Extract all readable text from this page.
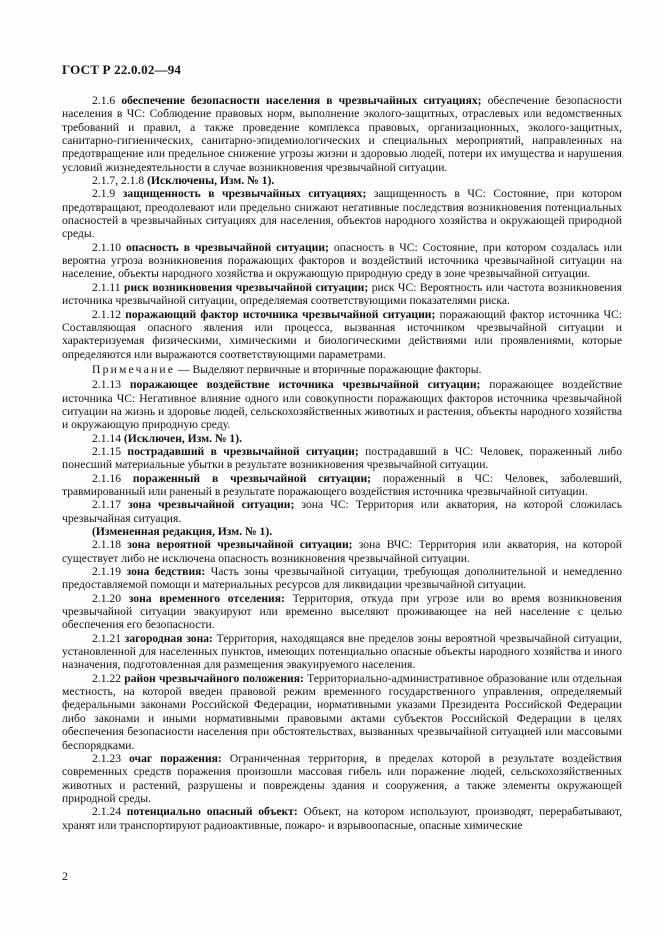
ГОСТ Р 22.0.02—94

2.1.6 обеспечение безопасности населения в чрезвычайных ситуациях; обеспечение безопасности населения в ЧС: Соблюдение правовых норм, выполнение эколого-защитных, отраслевых или ведомственных требований и правил, а также проведение комплекса правовых, организационных, эколого-защитных, санитарно-гигиенических, санитарно-эпидемиологических и специальных мероприятий, направленных на предотвращение или предельное снижение угрозы жизни и здоровью людей, потери их имущества и нарушения условий жизнедеятельности в случае возникновения чрезвычайной ситуации.

2.1.7, 2.1.8 (Исключены, Изм. № 1).

2.1.9 защищенность в чрезвычайных ситуациях; защищенность в ЧС: Состояние, при котором предотвращают, преодолевают или предельно снижают негативные последствия возникновения потенциальных опасностей в чрезвычайных ситуациях для населения, объектов народного хозяйства и окружающей природной среды.

2.1.10 опасность в чрезвычайной ситуации; опасность в ЧС: Состояние, при котором создалась или вероятна угроза возникновения поражающих факторов и воздействий источника чрезвычайной ситуации на население, объекты народного хозяйства и окружающую природную среду в зоне чрезвычайной ситуации.

2.1.11 риск возникновения чрезвычайной ситуации; риск ЧС: Вероятность или частота возникновения источника чрезвычайной ситуации, определяемая соответствующими показателями риска.

2.1.12 поражающий фактор источника чрезвычайной ситуации; поражающий фактор источника ЧС: Составляющая опасного явления или процесса, вызванная источником чрезвычайной ситуации и характеризуемая физическими, химическими и биологическими действиями или проявлениями, которые определяются или выражаются соответствующими параметрами.

Примечание — Выделяют первичные и вторичные поражающие факторы.

2.1.13 поражающее воздействие источника чрезвычайной ситуации; поражающее воздействие источника ЧС: Негативное влияние одного или совокупности поражающих факторов источника чрезвычайной ситуации на жизнь и здоровье людей, сельскохозяйственных животных и растения, объекты народного хозяйства и окружающую природную среду.

2.1.14 (Исключен, Изм. № 1).

2.1.15 пострадавший в чрезвычайной ситуации; пострадавший в ЧС: Человек, пораженный либо понесший материальные убытки в результате возникновения чрезвычайной ситуации.

2.1.16 пораженный в чрезвычайной ситуации; пораженный в ЧС: Человек, заболевший, травмированный или раненый в результате поражающего воздействия источника чрезвычайной ситуации.

2.1.17 зона чрезвычайной ситуации; зона ЧС: Территория или акватория, на которой сложилась чрезвычайная ситуация.

(Измененная редакция, Изм. № 1).

2.1.18 зона вероятной чрезвычайной ситуации; зона ВЧС: Территория или акватория, на которой существует либо не исключена опасность возникновения чрезвычайной ситуации.

2.1.19 зона бедствия: Часть зоны чрезвычайной ситуации, требующая дополнительной и немедленно предоставляемой помощи и материальных ресурсов для ликвидации чрезвычайной ситуации.

2.1.20 зона временного отселения: Территория, откуда при угрозе или во время возникновения чрезвычайной ситуации эвакуируют или временно выселяют проживающее на ней население с целью обеспечения его безопасности.

2.1.21 загородная зона: Территория, находящаяся вне пределов зоны вероятной чрезвычайной ситуации, установленной для населенных пунктов, имеющих потенциально опасные объекты народного хозяйства и иного назначения, подготовленная для размещения эвакуируемого населения.

2.1.22 район чрезвычайного положения: Территориально-административное образование или отдельная местность, на которой введен правовой режим временного государственного управления, определяемый федеральными законами Российской Федерации, нормативными указами Президента Российской Федерации либо законами и иными нормативными правовыми актами субъектов Российской Федерации в целях обеспечения безопасности населения при обстоятельствах, вызванных чрезвычайной ситуацией или массовыми беспорядками.

2.1.23 очаг поражения: Ограниченная территория, в пределах которой в результате воздействия современных средств поражения произошли массовая гибель или поражение людей, сельскохозяйственных животных и растений, разрушены и повреждены здания и сооружения, а также элементы окружающей природной среды.

2.1.24 потенциально опасный объект: Объект, на котором используют, производят, перерабатывают, хранят или транспортируют радиоактивные, пожаро- и взрывоопасные, опасные химические

2
